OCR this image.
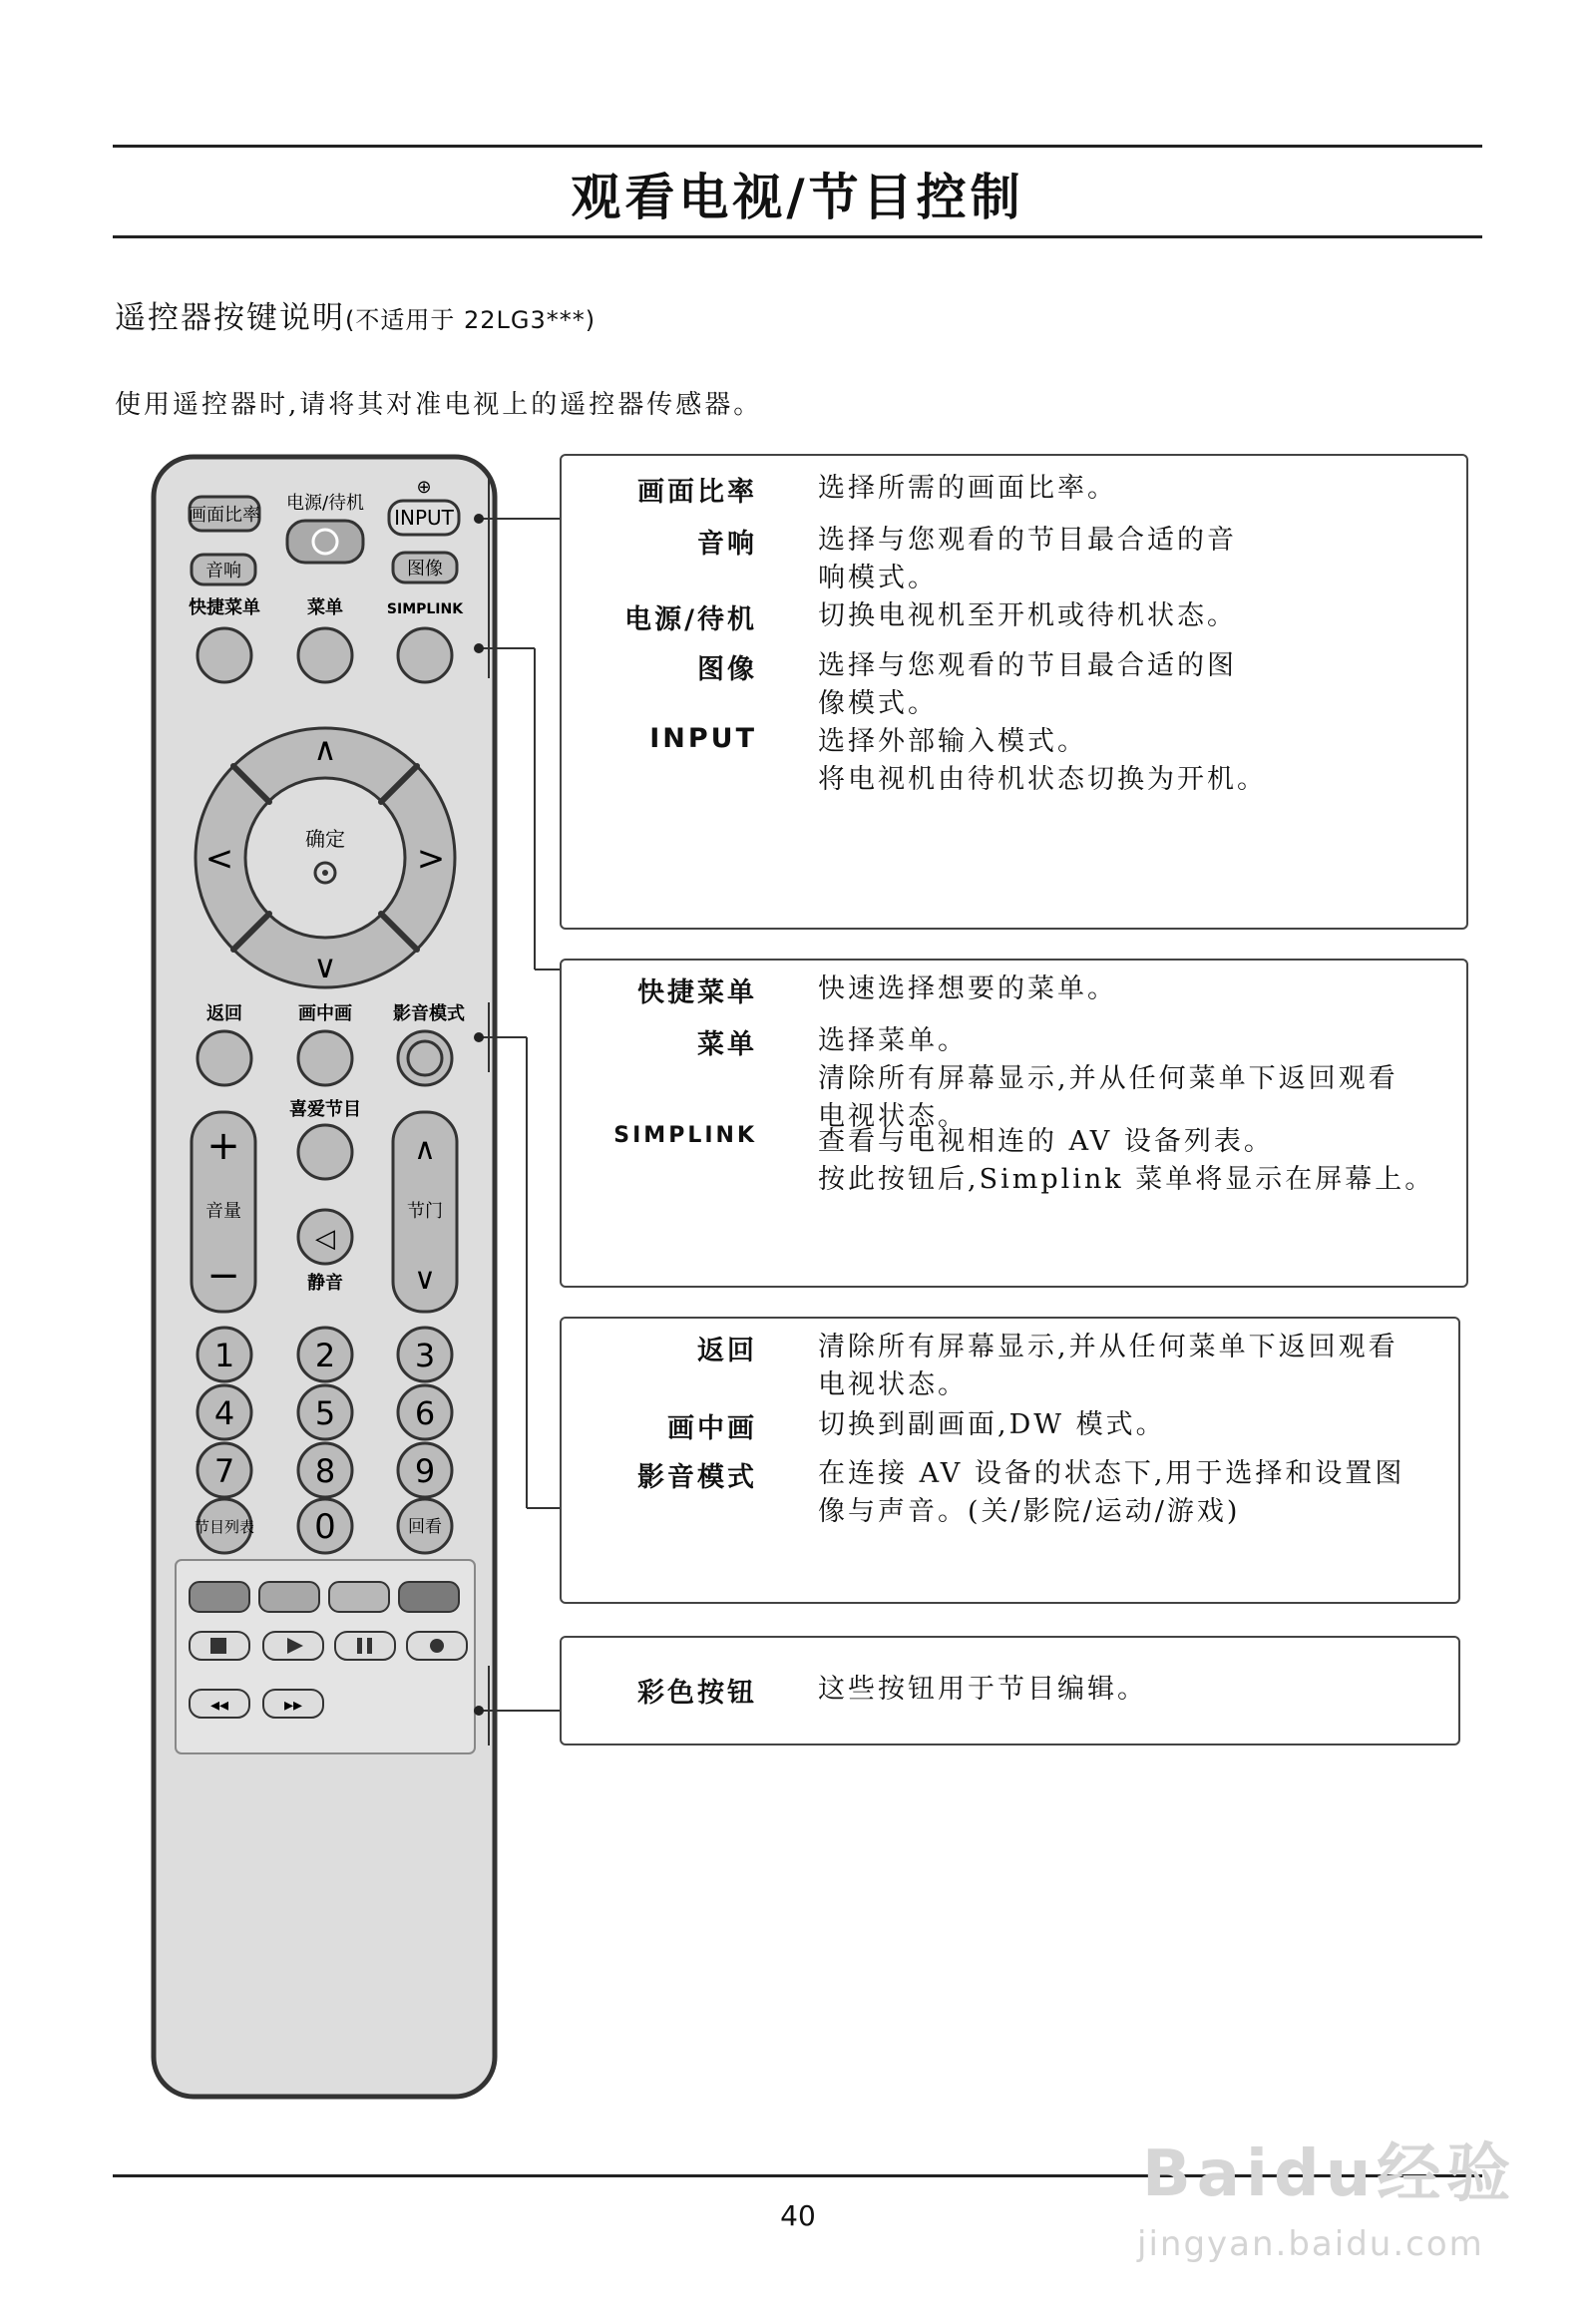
观看电视/节目控制
遥控器按键说明(不适用于 22LG3***)
使用遥控器时,请将其对准电视上的遥控器传感器。
画面比率
电源/待机
⊕
INPUT
音响	图像
快捷菜单	菜单	SIMPLINK
∧
∨
<	>
确定
返回	画中画 影音模式
喜爱节目
+
音量
−
∧
节门
∨
◁
静音
1	2 3
4	5 6
7	8 9
节目列表 0	回看
◂◂	▸▸
画面比率 选择所需的画面比率。
音响 选择与您观看的节目最合适的音
响模式。
电源/待机 切换电视机至开机或待机状态。
图像 选择与您观看的节目最合适的图
像模式。
INPUT 选择外部输入模式。
将电视机由待机状态切换为开机。
快捷菜单 快速选择想要的菜单。
菜单 选择菜单。
清除所有屏幕显示,并从任何菜单下返回观看
电视状态。
SIMPLINK 查看与电视相连的 AV 设备列表。
按此按钮后,Simplink 菜单将显示在屏幕上。
返回 清除所有屏幕显示,并从任何菜单下返回观看
电视状态。
画中画 切换到副画面,DW 模式。
影音模式 在连接 AV 设备的状态下,用于选择和设置图
像与声音。(关/影院/运动/游戏)
彩色按钮 这些按钮用于节目编辑。
40
Baidu经验
jingyan.baidu.com
